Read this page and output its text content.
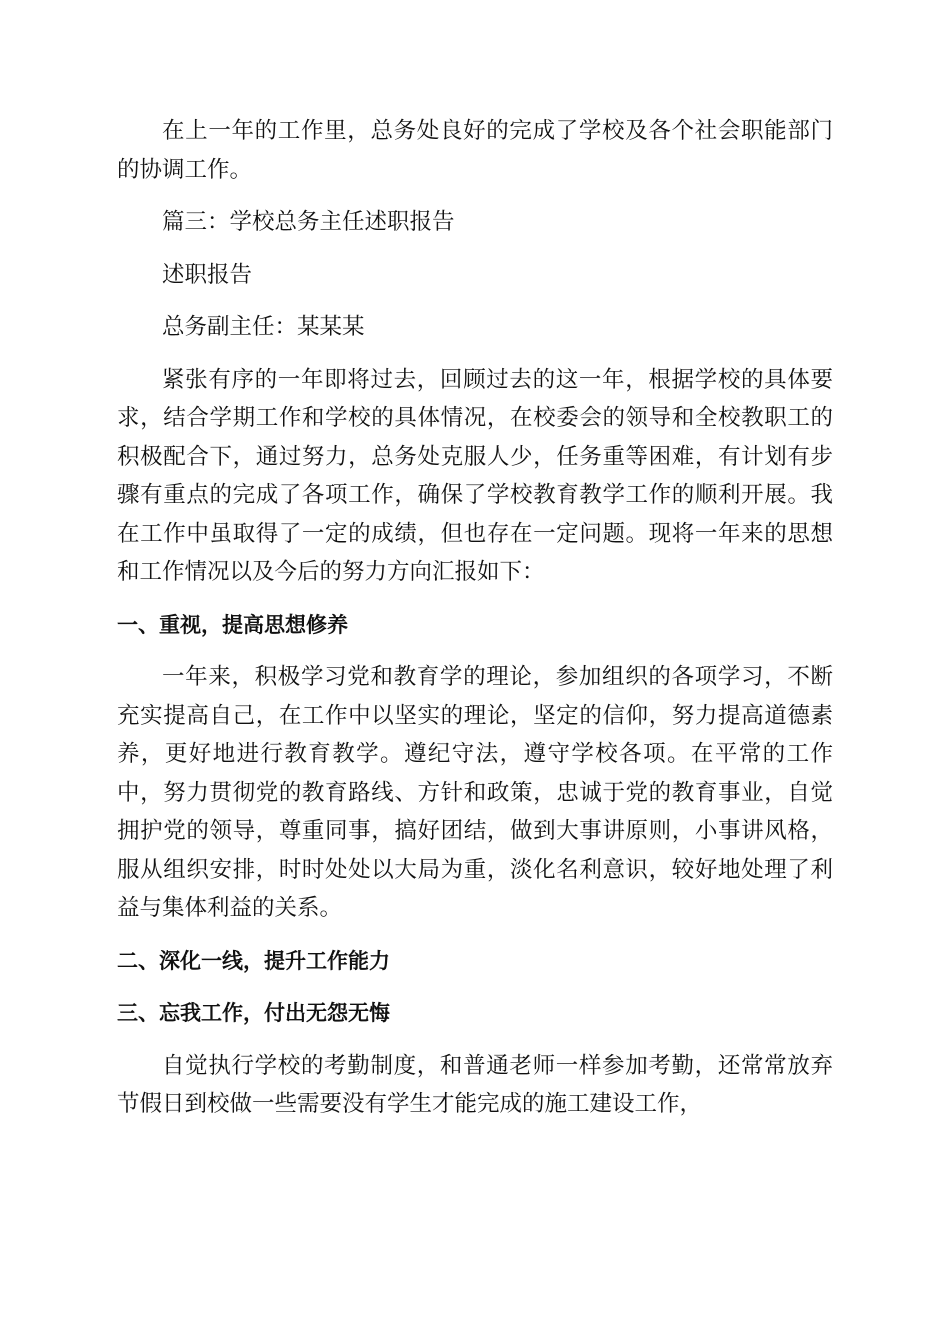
在上一年的工作里，总务处良好的完成了学校及各个社会职能部门的协调工作。

篇三：学校总务主任述职报告

述职报告

总务副主任：某某某

紧张有序的一年即将过去，回顾过去的这一年，根据学校的具体要求，结合学期工作和学校的具体情况，在校委会的领导和全校教职工的积极配合下，通过努力，总务处克服人少，任务重等困难，有计划有步骤有重点的完成了各项工作，确保了学校教育教学工作的顺利开展。我在工作中虽取得了一定的成绩，但也存在一定问题。现将一年来的思想和工作情况以及今后的努力方向汇报如下：

一、重视，提高思想修养

一年来，积极学习党和教育学的理论，参加组织的各项学习，不断充实提高自己，在工作中以坚实的理论，坚定的信仰，努力提高道德素养，更好地进行教育教学。遵纪守法，遵守学校各项。在平常的工作中，努力贯彻党的教育路线、方针和政策，忠诚于党的教育事业，自觉拥护党的领导，尊重同事，搞好团结，做到大事讲原则，小事讲风格，服从组织安排，时时处处以大局为重，淡化名利意识，较好地处理了利益与集体利益的关系。

二、深化一线，提升工作能力

三、忘我工作，付出无怨无悔

自觉执行学校的考勤制度，和普通老师一样参加考勤，还常常放弃节假日到校做一些需要没有学生才能完成的施工建设工作，
